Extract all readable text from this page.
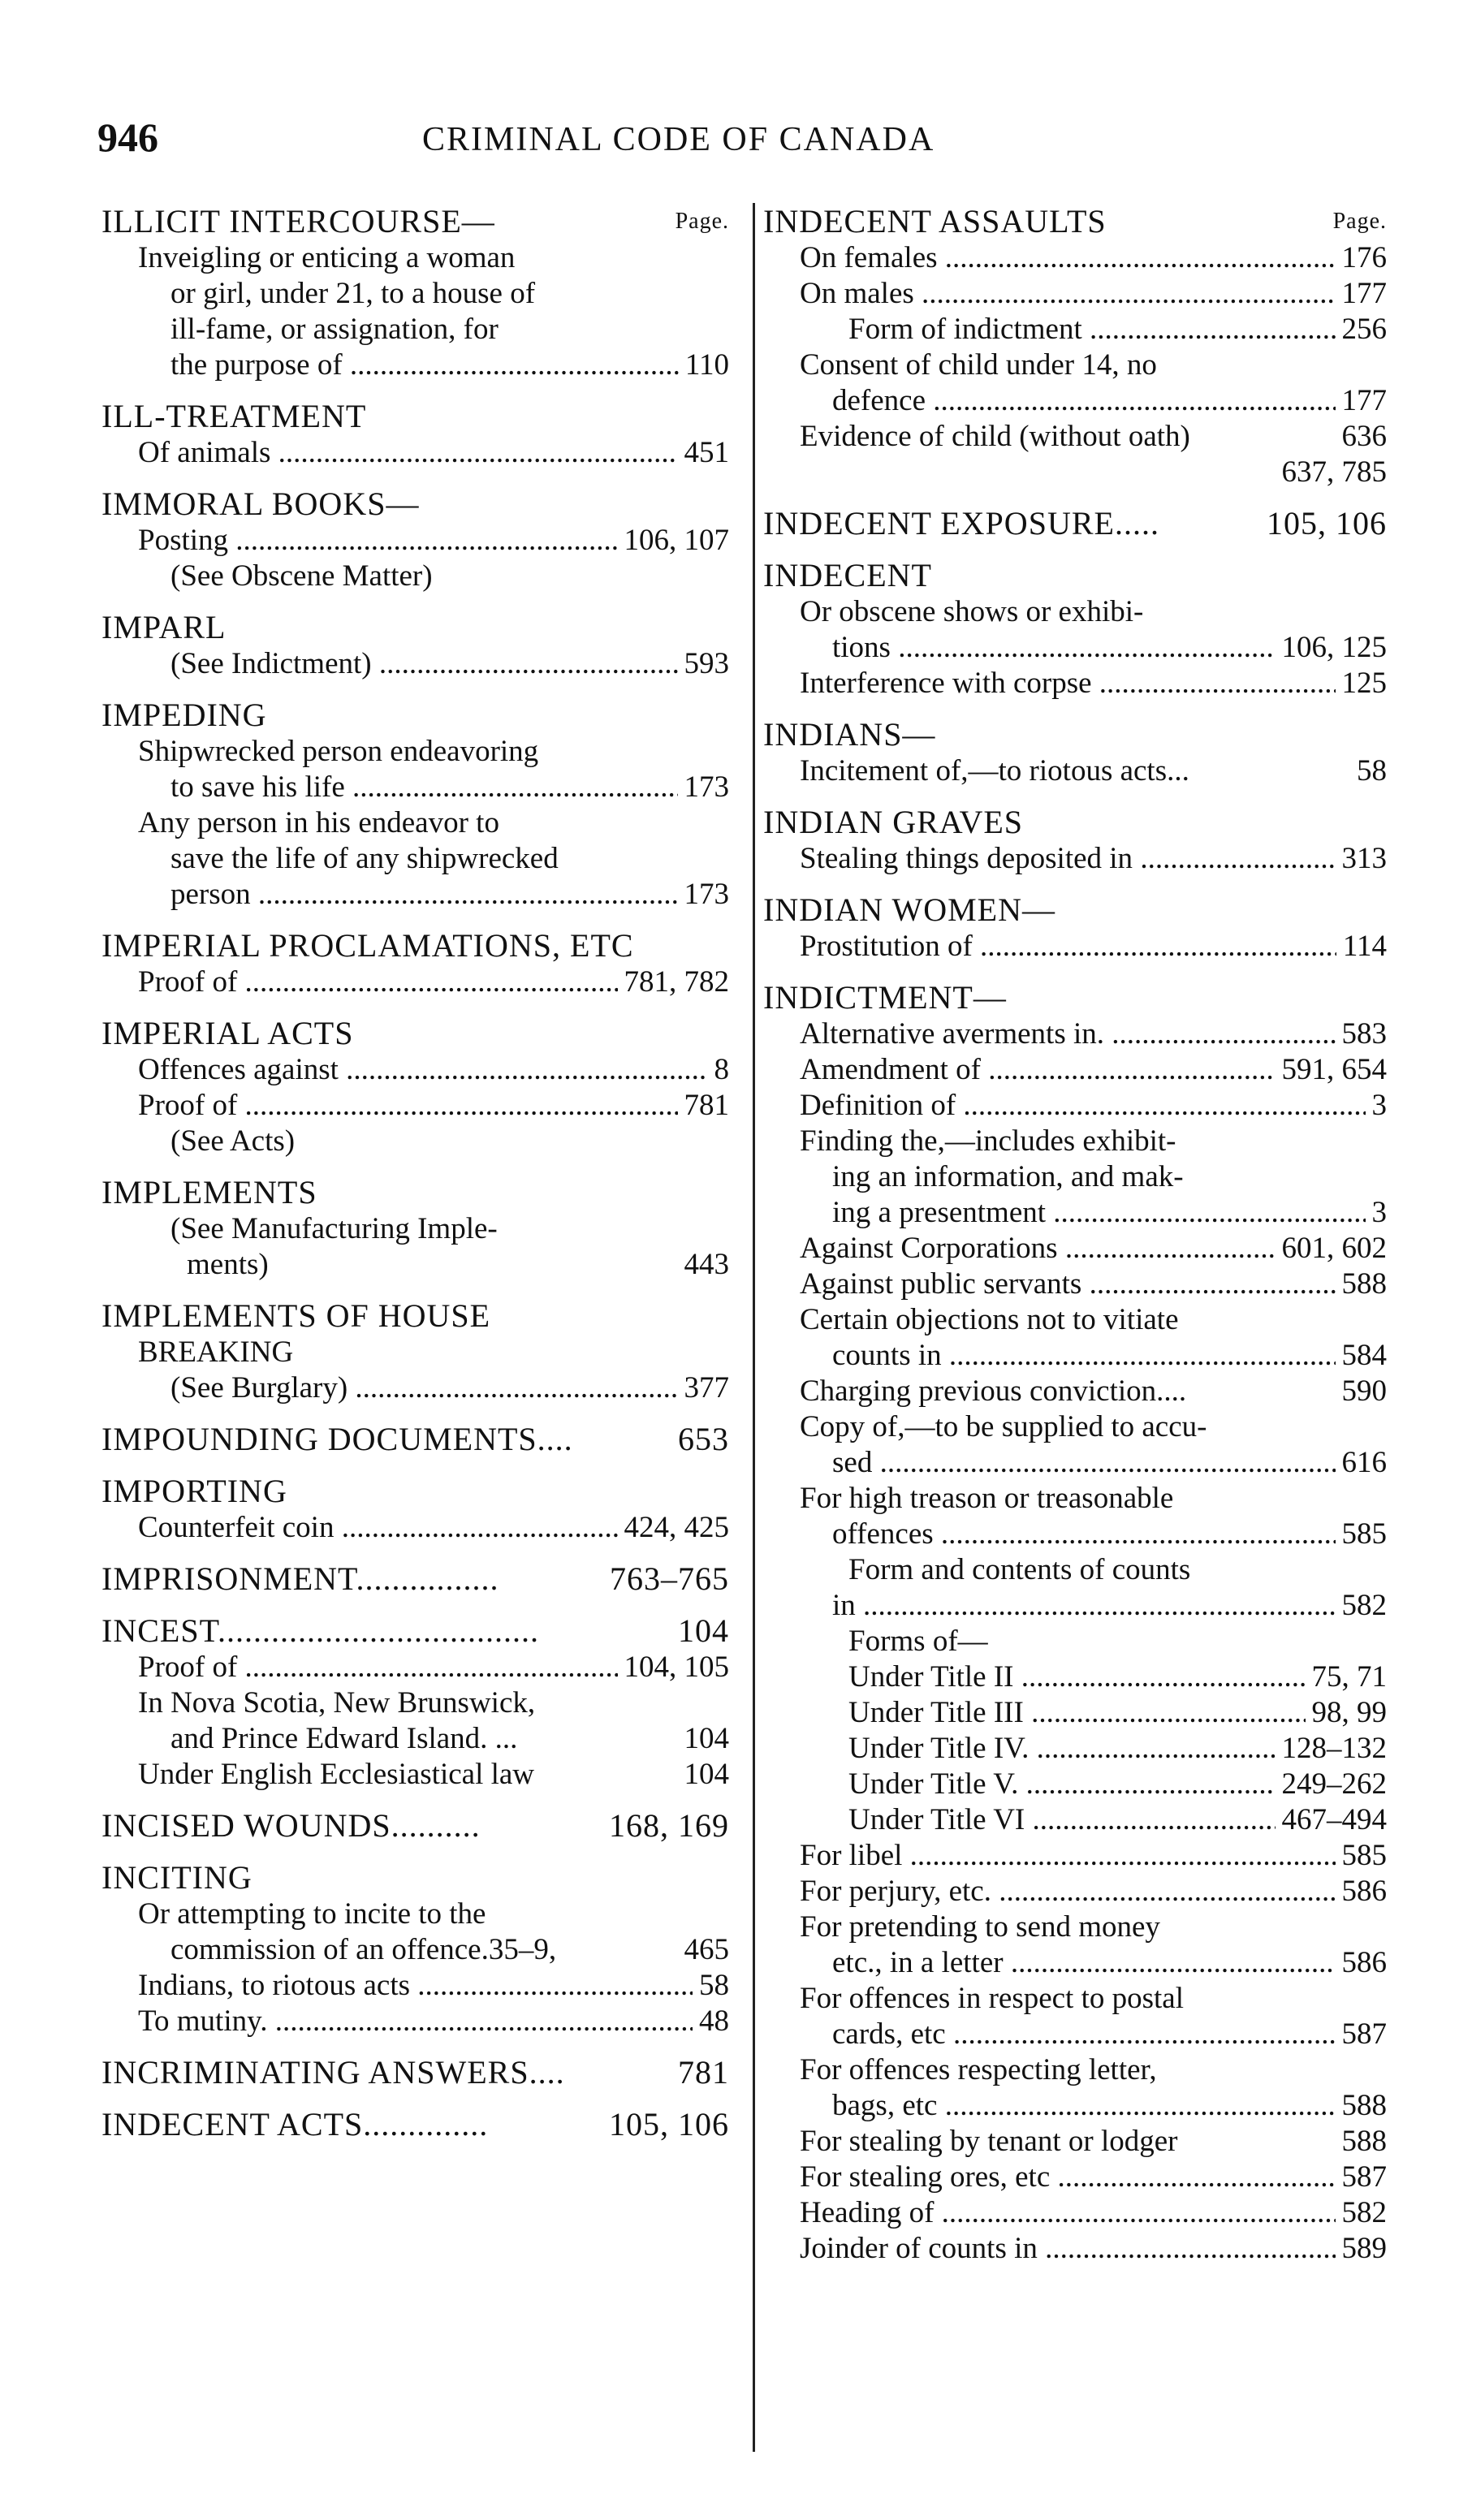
946	CRIMINAL CODE OF CANADA
ILLICIT INTERCOURSE—	Page.
Inveigling or enticing a woman
or girl, under 21, to a house of
ill-fame, or assignation, for
the purpose of .....	110
ILL-TREATMENT
Of animals .....	451
IMMORAL BOOKS—
Posting .....	106, 107
(See Obscene Matter)
IMPARL
(See Indictment) .....	593
IMPEDING
Shipwrecked person endeavoring
to save his life .....	173
Any person in his endeavor to
save the life of any shipwrecked
person .....	173
IMPERIAL PROCLAMATIONS, ETC
Proof of .....	781, 782
IMPERIAL ACTS
Offences against .....	8
Proof of .....	781
(See Acts)
IMPLEMENTS
(See Manufacturing Imple-
ments)	443
IMPLEMENTS OF HOUSE
BREAKING
(See Burglary) .....	377
IMPOUNDING DOCUMENTS....	653
IMPORTING
Counterfeit coin .....	424, 425
IMPRISONMENT................	763–765
INCEST....................................	104
Proof of .....	104, 105
In Nova Scotia, New Brunswick,
and Prince Edward Island. ...	104
Under English Ecclesiastical law	104
INCISED WOUNDS..........	168, 169
INCITING
Or attempting to incite to the
commission of an offence.35–9,	465
Indians, to riotous acts .....	58
To mutiny. .....	48
INCRIMINATING ANSWERS....	781
INDECENT ACTS..............	105, 106
INDECENT ASSAULTS	Page.
On females .....	176
On males .....	177
Form of indictment .....	256
Consent of child under 14, no
defence .....	177
Evidence of child (without oath)	636
637, 785
INDECENT EXPOSURE.....	105, 106
INDECENT
Or obscene shows or exhibi-
tions .....	106, 125
Interference with corpse .....	125
INDIANS—
Incitement of,—to riotous acts...	58
INDIAN GRAVES
Stealing things deposited in .....	313
INDIAN WOMEN—
Prostitution of .....	114
INDICTMENT—
Alternative averments in. .....	583
Amendment of .....	591, 654
Definition of .....	3
Finding the,—includes exhibit-
ing an information, and mak-
ing a presentment .....	3
Against Corporations .....	601, 602
Against public servants .....	588
Certain objections not to vitiate
counts in .....	584
Charging previous conviction....	590
Copy of,—to be supplied to accu-
sed .....	616
For high treason or treasonable
offences .....	585
Form and contents of counts
in .....	582
Forms of—
Under Title II .....	75, 71
Under Title III .....	98, 99
Under Title IV. .....	128–132
Under Title V. .....	249–262
Under Title VI .....	467–494
For libel .....	585
For perjury, etc. .....	586
For pretending to send money
etc., in a letter .....	586
For offences in respect to postal
cards, etc .....	587
For offences respecting letter,
bags, etc .....	588
For stealing by tenant or lodger	588
For stealing ores, etc .....	587
Heading of .....	582
Joinder of counts in .....	589
